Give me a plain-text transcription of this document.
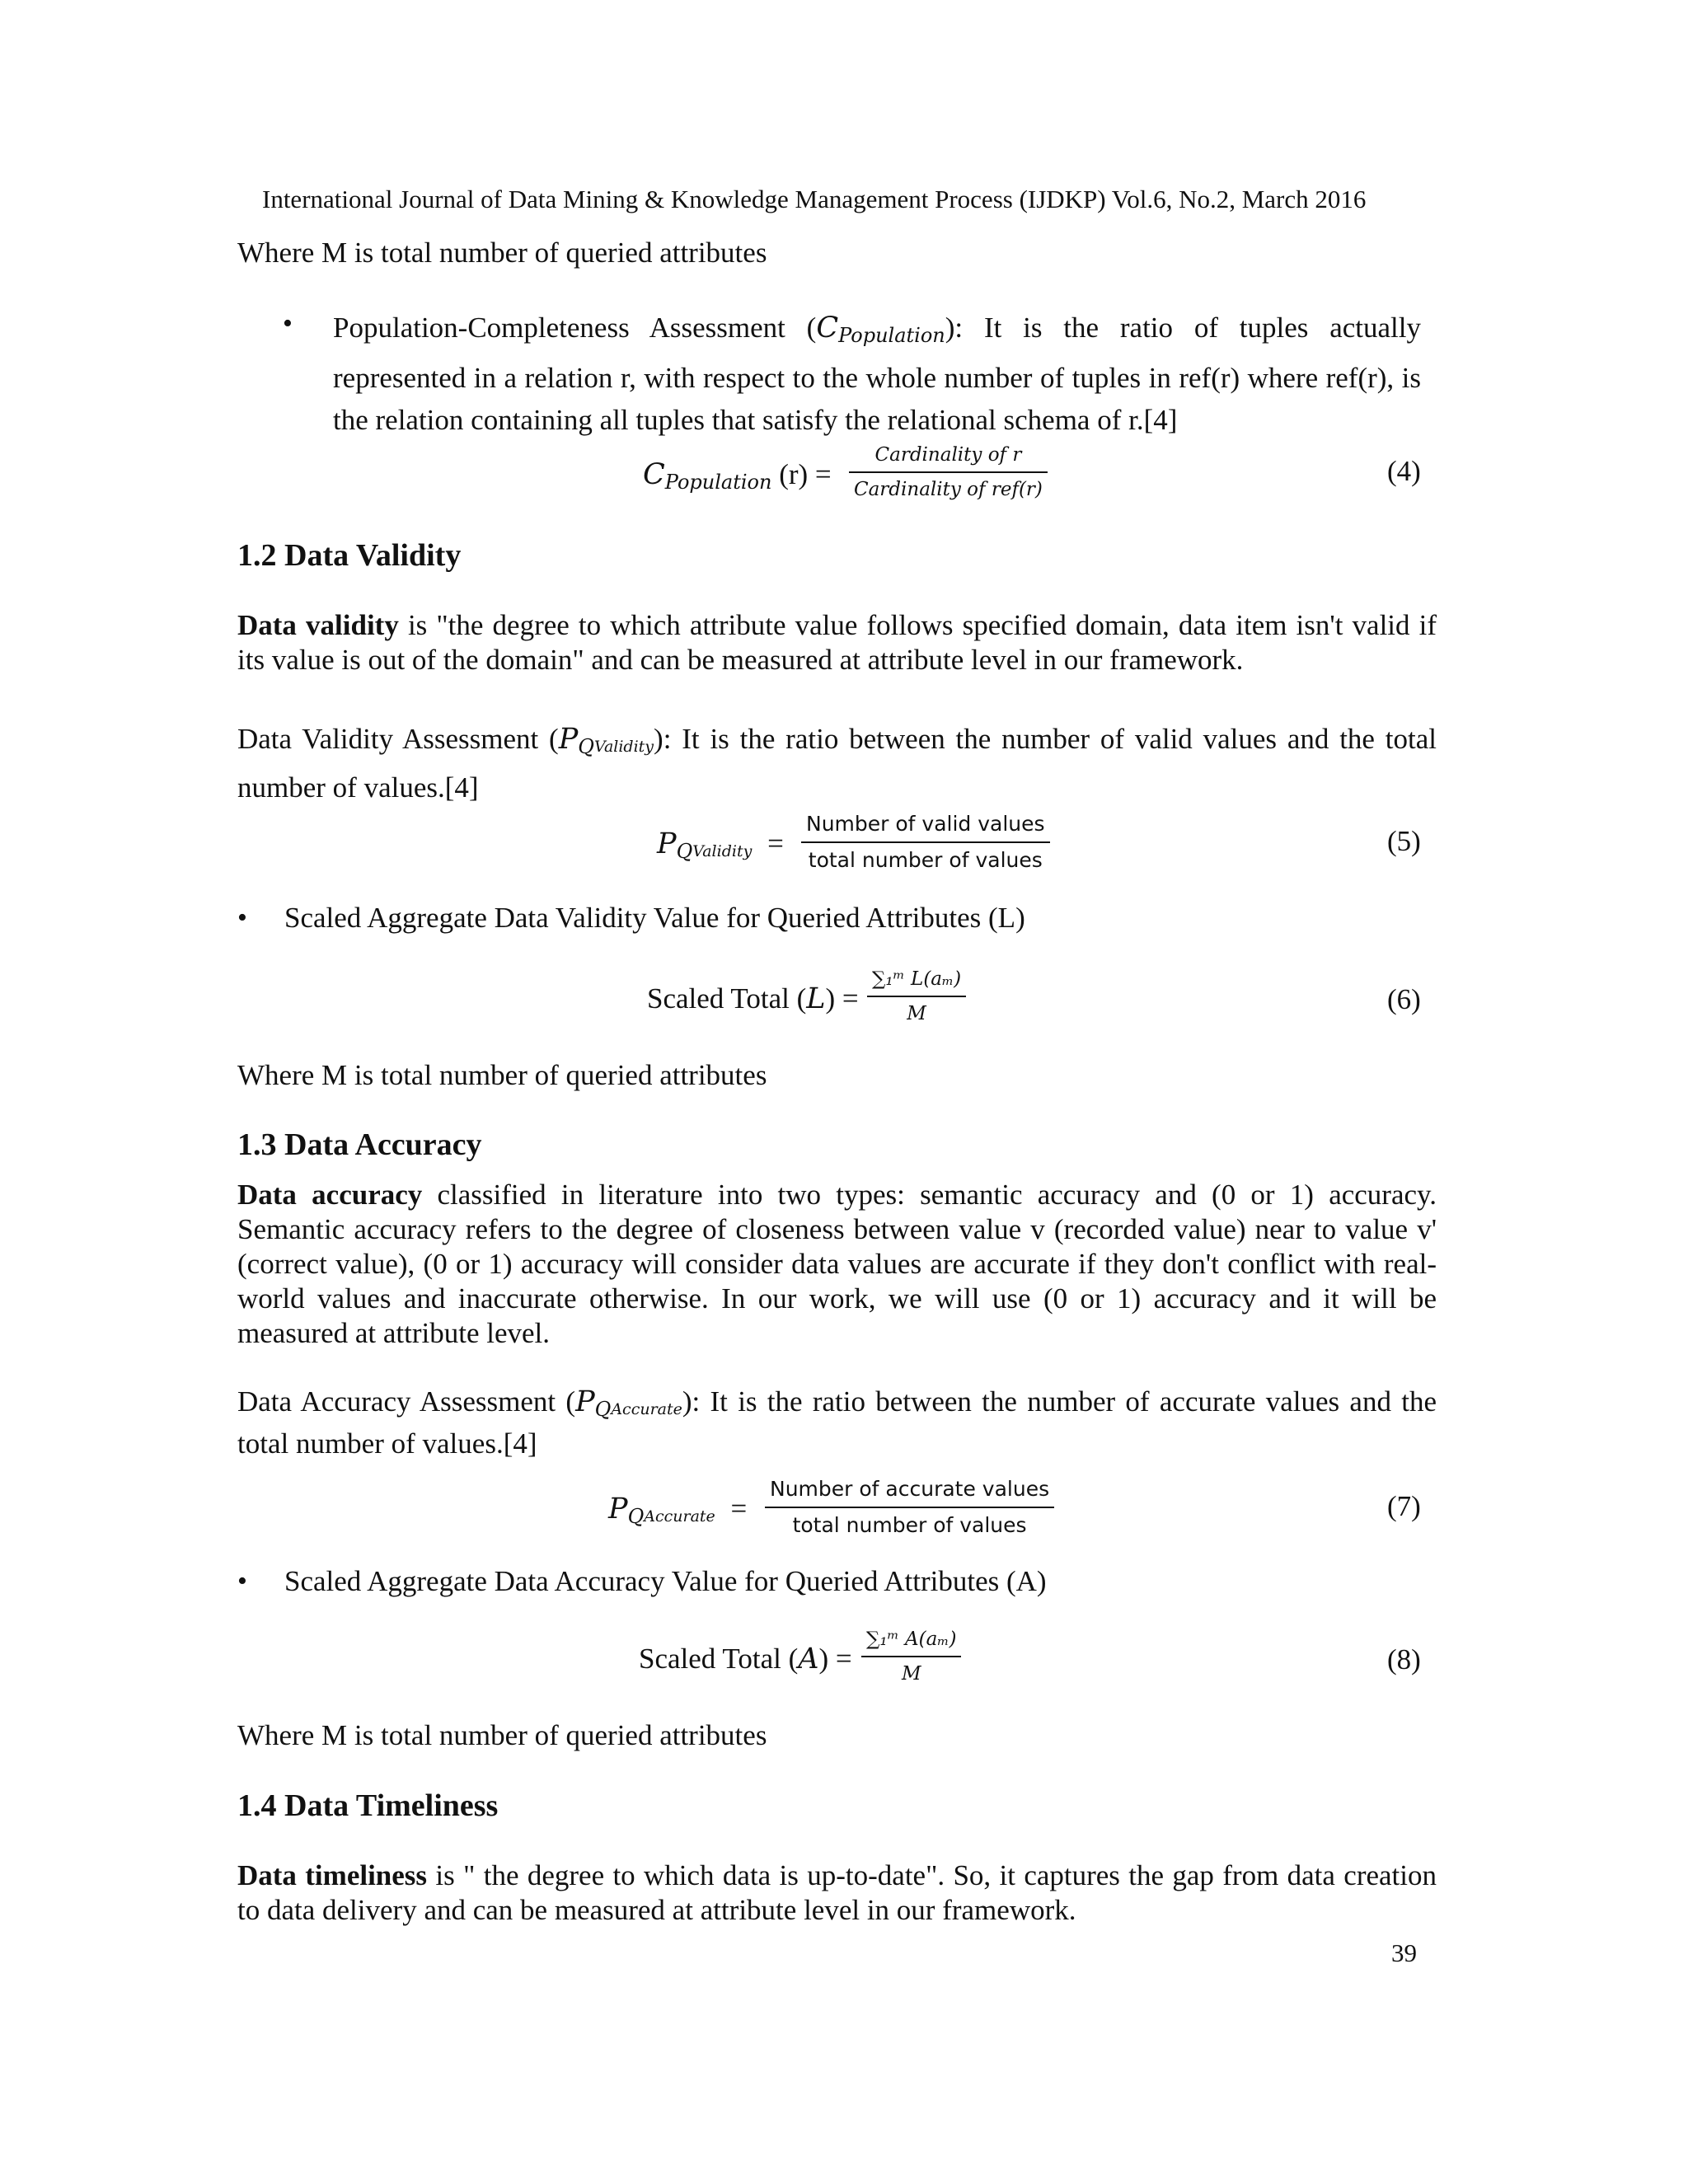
International Journal of Data Mining & Knowledge Management Process (IJDKP) Vol.6, No.2, March 2016
Where M is total number of queried attributes
• Population-Completeness Assessment $(C_{Population})$: It is the ratio of tuples actually represented in a relation r, with respect to the whole number of tuples in ref(r) where ref(r), is the relation containing all tuples that satisfy the relational schema of r.[4]
$C_{Population}$ (r) =
Cardinality of r
Cardinality of ref(r)
(4)
1.2 Data Validity
Data validity is "the degree to which attribute value follows specified domain, data item isn't valid if its value is out of the domain" and can be measured at attribute level in our framework.
Data Validity Assessment $(P_QValidity)$: It is the ratio between the number of valid values and the total number of values.[4]
$P_QValidity$ =
Number of valid values
total number of values
(5)
• Scaled Aggregate Data Validity Value for Queried Attributes (L)
Scaled Total $(L) = \frac{\text{∑₁ᵐ L(aₘ)}}{M}$	(6)
Where M is total number of queried attributes
1.3 Data Accuracy
Data accuracy classified in literature into two types: semantic accuracy and (0 or 1) accuracy. Semantic accuracy refers to the degree of closeness between value v (recorded value) near to value v' (correct value), (0 or 1) accuracy will consider data values are accurate if they don't conflict with real-world values and inaccurate otherwise. In our work, we will use (0 or 1) accuracy and it will be measured at attribute level.
Data Accuracy Assessment $(P_QAccurate)$: It is the ratio between the number of accurate values and the total number of values.[4]
$P_QAccurate$ =
Number of accurate values
total number of values
(7)
• Scaled Aggregate Data Accuracy Value for Queried Attributes (A)
Scaled Total $(A) = \frac{\text{∑₁ᵐ A(aₘ)}}{M}$	(8)
Where M is total number of queried attributes
1.4 Data Timeliness
Data timeliness is " the degree to which data is up-to-date". So, it captures the gap from data creation to data delivery and can be measured at attribute level in our framework.
39
